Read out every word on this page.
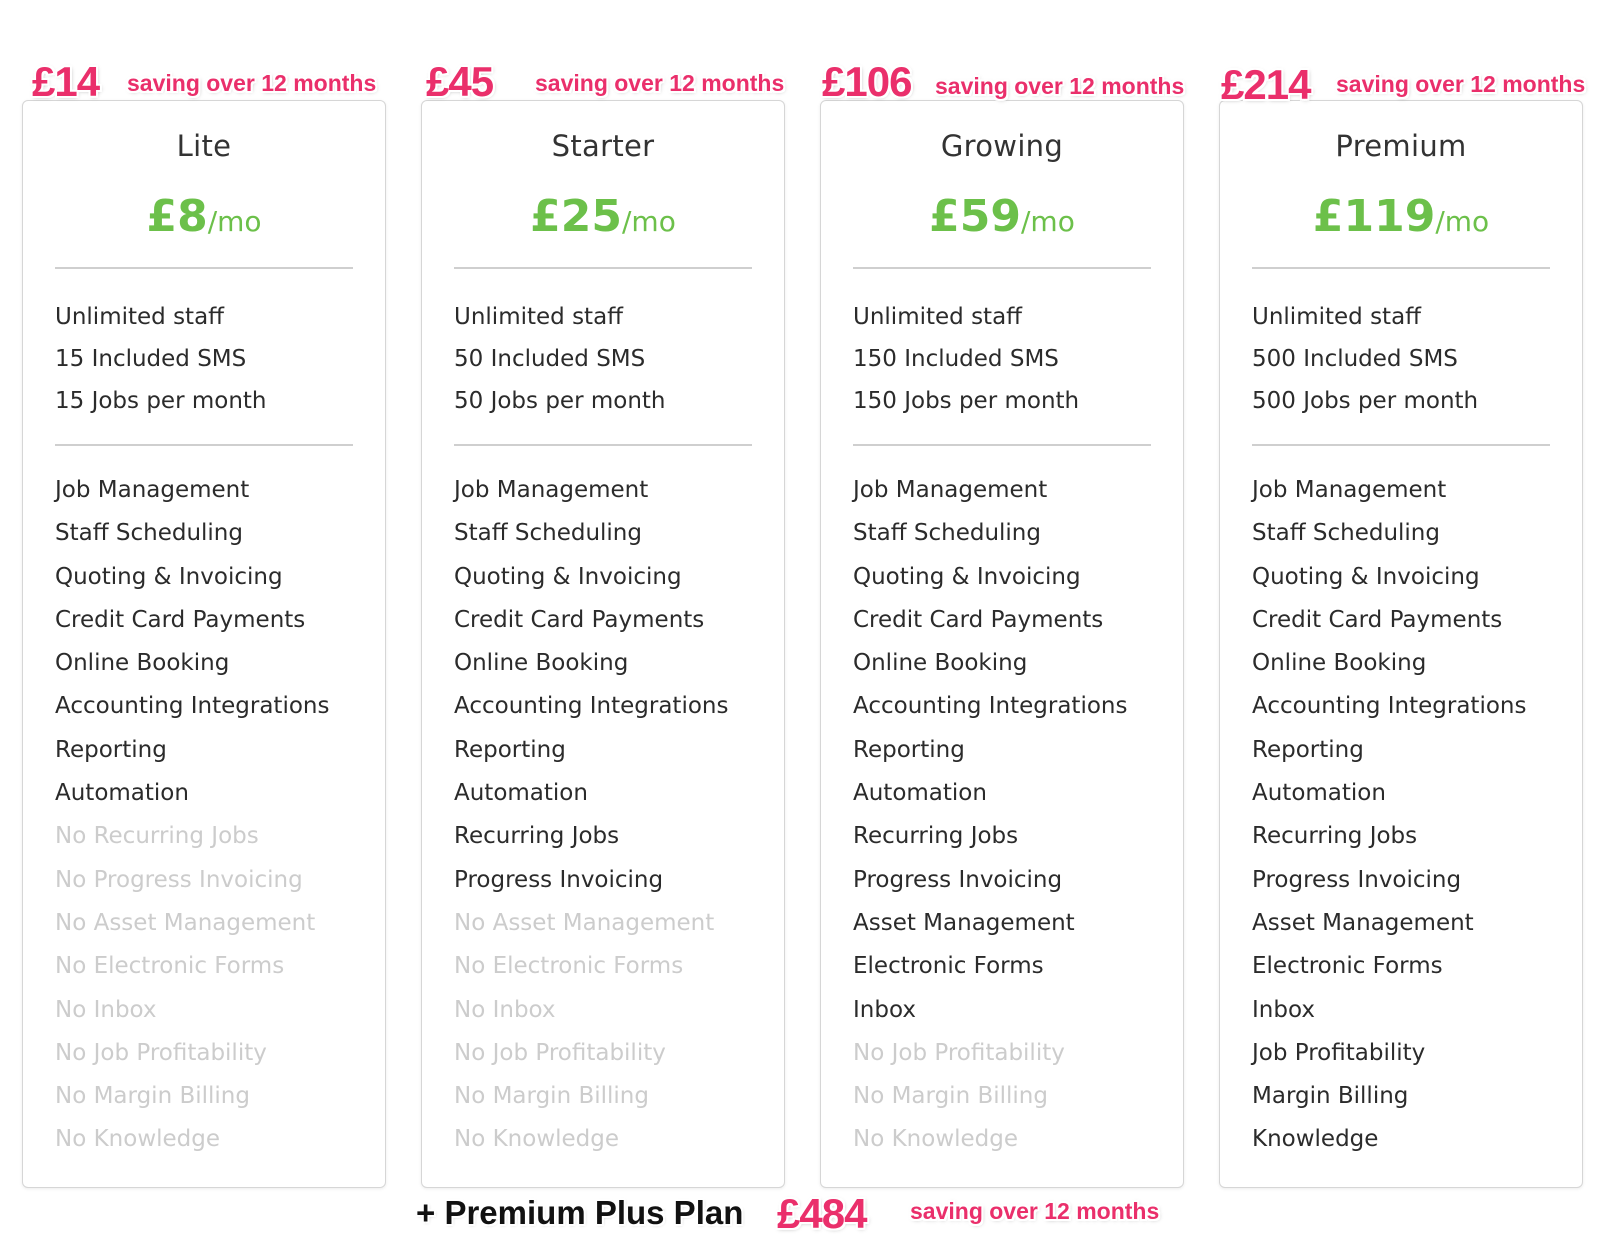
Lite
£8/mo
Unlimited staff
15 Included SMS
15 Jobs per month
Job Management
Staff Scheduling
Quoting & Invoicing
Credit Card Payments
Online Booking
Accounting Integrations
Reporting
Automation
No Recurring Jobs
No Progress Invoicing
No Asset Management
No Electronic Forms
No Inbox
No Job Profitability
No Margin Billing
No Knowledge
Starter
£25/mo
Unlimited staff
50 Included SMS
50 Jobs per month
Job Management
Staff Scheduling
Quoting & Invoicing
Credit Card Payments
Online Booking
Accounting Integrations
Reporting
Automation
Recurring Jobs
Progress Invoicing
No Asset Management
No Electronic Forms
No Inbox
No Job Profitability
No Margin Billing
No Knowledge
Growing
£59/mo
Unlimited staff
150 Included SMS
150 Jobs per month
Job Management
Staff Scheduling
Quoting & Invoicing
Credit Card Payments
Online Booking
Accounting Integrations
Reporting
Automation
Recurring Jobs
Progress Invoicing
Asset Management
Electronic Forms
Inbox
No Job Profitability
No Margin Billing
No Knowledge
Premium
£119/mo
Unlimited staff
500 Included SMS
500 Jobs per month
Job Management
Staff Scheduling
Quoting & Invoicing
Credit Card Payments
Online Booking
Accounting Integrations
Reporting
Automation
Recurring Jobs
Progress Invoicing
Asset Management
Electronic Forms
Inbox
Job Profitability
Margin Billing
Knowledge
£14 saving over 12 months £45 saving over 12 months £106 saving over 12 months £214 saving over 12 months
+ Premium Plus Plan £484 saving over 12 months
